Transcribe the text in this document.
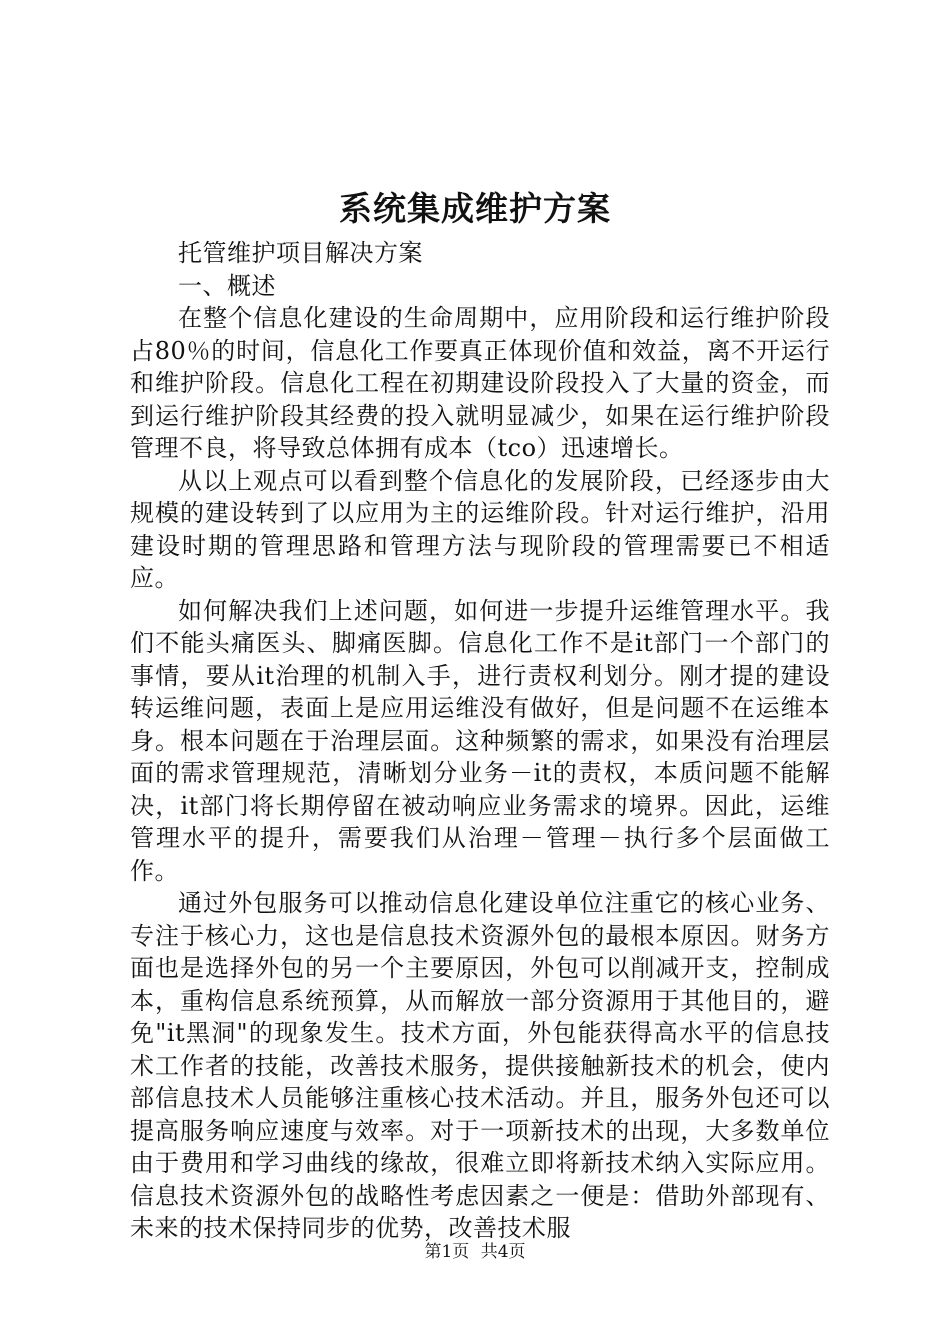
系统集成维护方案

托管维护项目解决方案

一、概述

在整个信息化建设的生命周期中，应用阶段和运行维护阶段占80％的时间，信息化工作要真正体现价值和效益，离不开运行和维护阶段。信息化工程在初期建设阶段投入了大量的资金，而到运行维护阶段其经费的投入就明显减少，如果在运行维护阶段管理不良，将导致总体拥有成本（tco）迅速增长。

从以上观点可以看到整个信息化的发展阶段，已经逐步由大规模的建设转到了以应用为主的运维阶段。针对运行维护，沿用建设时期的管理思路和管理方法与现阶段的管理需要已不相适应。

如何解决我们上述问题，如何进一步提升运维管理水平。我们不能头痛医头、脚痛医脚。信息化工作不是it部门一个部门的事情，要从it治理的机制入手，进行责权利划分。刚才提的建设转运维问题，表面上是应用运维没有做好，但是问题不在运维本身。根本问题在于治理层面。这种频繁的需求，如果没有治理层面的需求管理规范，清晰划分业务－it的责权，本质问题不能解决，it部门将长期停留在被动响应业务需求的境界。因此，运维管理水平的提升，需要我们从治理－管理－执行多个层面做工作。

通过外包服务可以推动信息化建设单位注重它的核心业务、专注于核心力，这也是信息技术资源外包的最根本原因。财务方面也是选择外包的另一个主要原因，外包可以削减开支，控制成本，重构信息系统预算，从而解放一部分资源用于其他目的，避免"it黑洞"的现象发生。技术方面，外包能获得高水平的信息技术工作者的技能，改善技术服务，提供接触新技术的机会，使内部信息技术人员能够注重核心技术活动。并且，服务外包还可以提高服务响应速度与效率。对于一项新技术的出现，大多数单位由于费用和学习曲线的缘故，很难立即将新技术纳入实际应用。信息技术资源外包的战略性考虑因素之一便是：借助外部现有、未来的技术保持同步的优势，改善技术服

第1页 共4页
